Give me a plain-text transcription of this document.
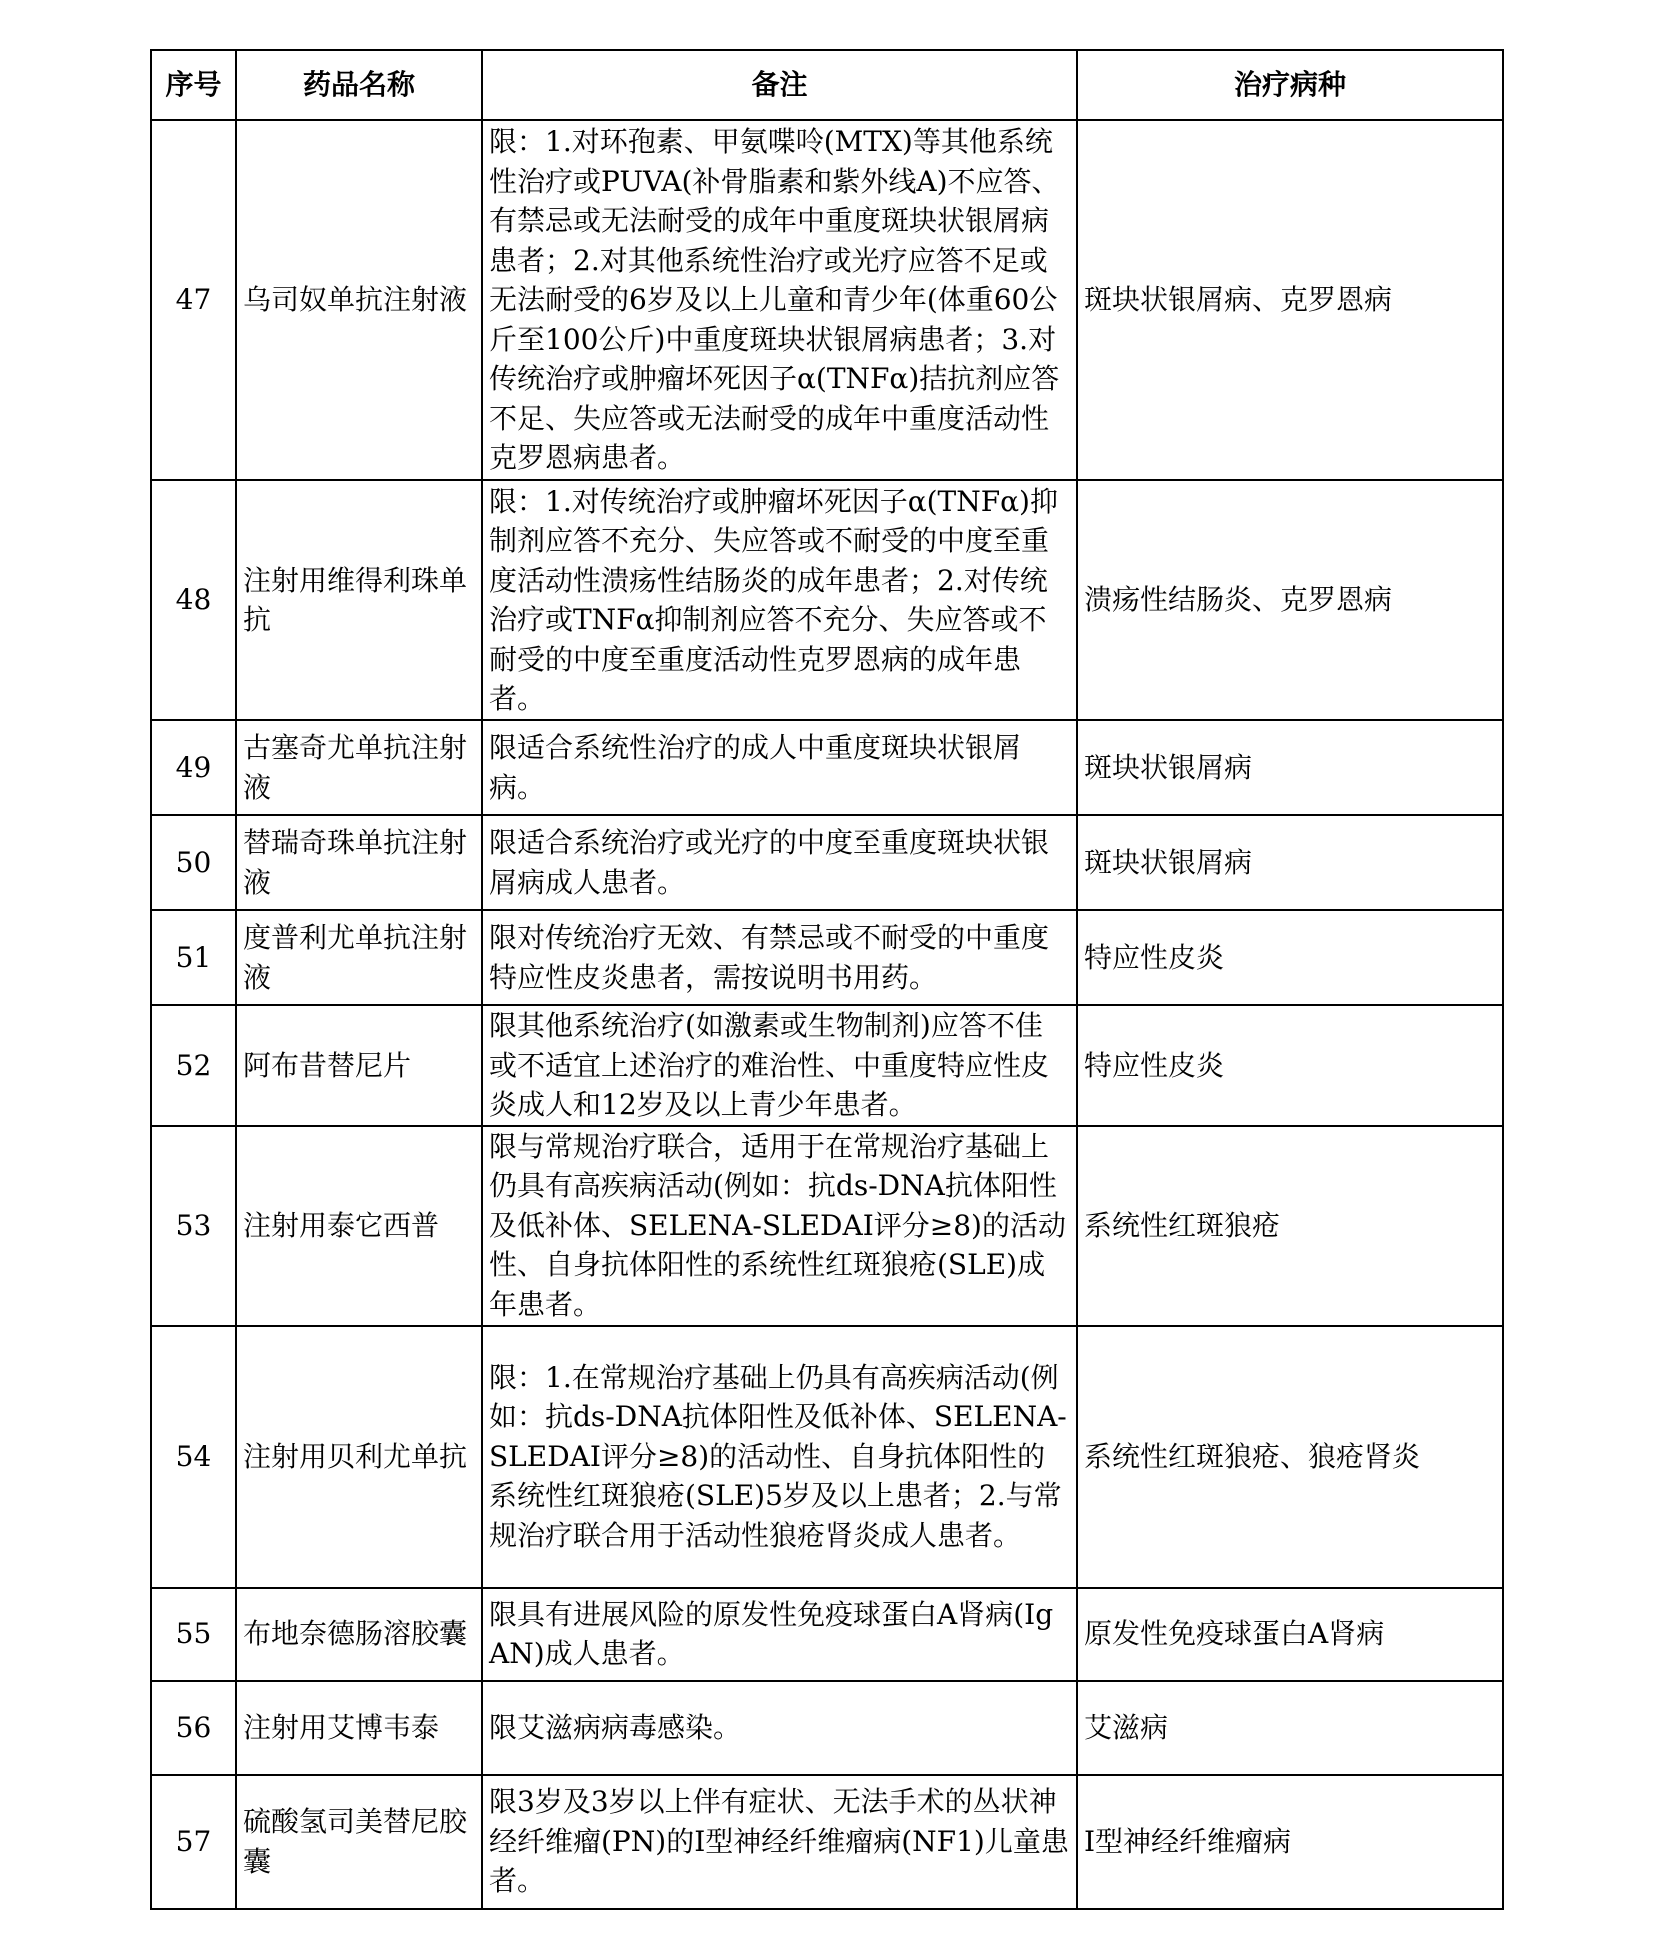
序号	药品名称	备注	治疗病种
47	乌司奴单抗注射液	限：1.对环孢素、甲氨喋呤(MTX)等其他系统性治疗或PUVA(补骨脂素和紫外线A)不应答、有禁忌或无法耐受的成年中重度斑块状银屑病患者；2.对其他系统性治疗或光疗应答不足或无法耐受的6岁及以上儿童和青少年(体重60公斤至100公斤)中重度斑块状银屑病患者；3.对传统治疗或肿瘤坏死因子α(TNFα)拮抗剂应答不足、失应答或无法耐受的成年中重度活动性克罗恩病患者。	斑块状银屑病、克罗恩病
48	注射用维得利珠单抗	限：1.对传统治疗或肿瘤坏死因子α(TNFα)抑制剂应答不充分、失应答或不耐受的中度至重度活动性溃疡性结肠炎的成年患者；2.对传统治疗或TNFα抑制剂应答不充分、失应答或不耐受的中度至重度活动性克罗恩病的成年患者。	溃疡性结肠炎、克罗恩病
49	古塞奇尤单抗注射液	限适合系统性治疗的成人中重度斑块状银屑病。	斑块状银屑病
50	替瑞奇珠单抗注射液	限适合系统治疗或光疗的中度至重度斑块状银屑病成人患者。	斑块状银屑病
51	度普利尤单抗注射液	限对传统治疗无效、有禁忌或不耐受的中重度特应性皮炎患者，需按说明书用药。	特应性皮炎
52	阿布昔替尼片	限其他系统治疗(如激素或生物制剂)应答不佳或不适宜上述治疗的难治性、中重度特应性皮炎成人和12岁及以上青少年患者。	特应性皮炎
53	注射用泰它西普	限与常规治疗联合，适用于在常规治疗基础上仍具有高疾病活动(例如：抗ds-DNA抗体阳性及低补体、SELENA-SLEDAI评分≥8)的活动性、自身抗体阳性的系统性红斑狼疮(SLE)成年患者。	系统性红斑狼疮
54	注射用贝利尤单抗	限：1.在常规治疗基础上仍具有高疾病活动(例如：抗ds-DNA抗体阳性及低补体、SELENA-SLEDAI评分≥8)的活动性、自身抗体阳性的系统性红斑狼疮(SLE)5岁及以上患者；2.与常规治疗联合用于活动性狼疮肾炎成人患者。	系统性红斑狼疮、狼疮肾炎
55	布地奈德肠溶胶囊	限具有进展风险的原发性免疫球蛋白A肾病(IgAN)成人患者。	原发性免疫球蛋白A肾病
56	注射用艾博韦泰	限艾滋病病毒感染。	艾滋病
57	硫酸氢司美替尼胶囊	限3岁及3岁以上伴有症状、无法手术的丛状神经纤维瘤(PN)的I型神经纤维瘤病(NF1)儿童患者。	I型神经纤维瘤病
